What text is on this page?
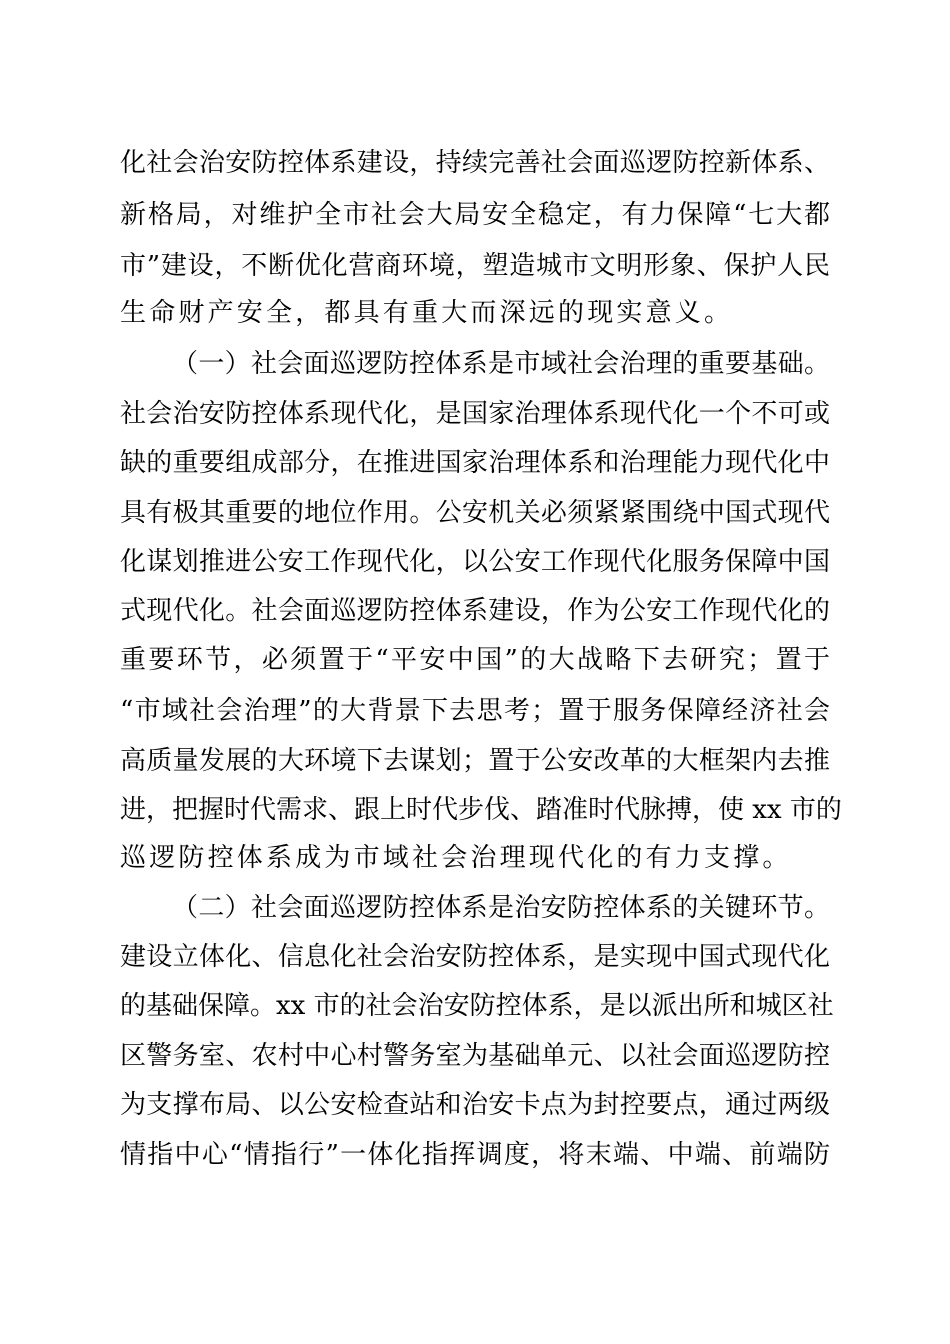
化社会治安防控体系建设，持续完善社会面巡逻防控新体系、
新格局，对维护全市社会大局安全稳定，有力保障“七大都
市”建设，不断优化营商环境，塑造城市文明形象、保护人民
生命财产安全，都具有重大而深远的现实意义。
（一）社会面巡逻防控体系是市域社会治理的重要基础。
社会治安防控体系现代化，是国家治理体系现代化一个不可或
缺的重要组成部分，在推进国家治理体系和治理能力现代化中
具有极其重要的地位作用。公安机关必须紧紧围绕中国式现代
化谋划推进公安工作现代化，以公安工作现代化服务保障中国
式现代化。社会面巡逻防控体系建设，作为公安工作现代化的
重要环节，必须置于“平安中国”的大战略下去研究；置于
“市域社会治理”的大背景下去思考；置于服务保障经济社会
高质量发展的大环境下去谋划；置于公安改革的大框架内去推
进，把握时代需求、跟上时代步伐、踏准时代脉搏，使 xx 市的
巡逻防控体系成为市域社会治理现代化的有力支撑。
（二）社会面巡逻防控体系是治安防控体系的关键环节。
建设立体化、信息化社会治安防控体系，是实现中国式现代化
的基础保障。xx 市的社会治安防控体系，是以派出所和城区社
区警务室、农村中心村警务室为基础单元、以社会面巡逻防控
为支撑布局、以公安检查站和治安卡点为封控要点，通过两级
情指中心“情指行”一体化指挥调度，将末端、中端、前端防
